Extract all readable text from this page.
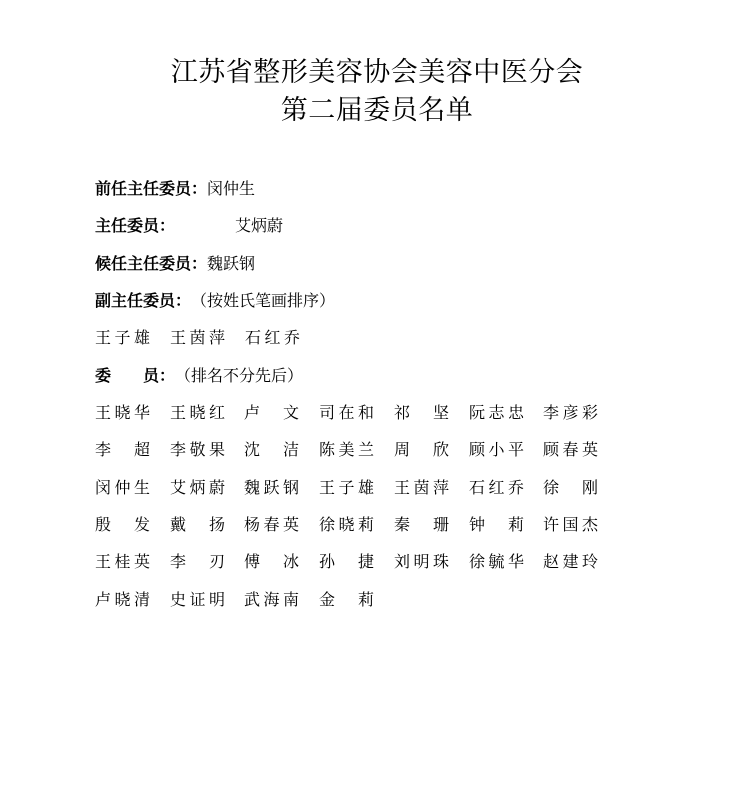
江苏省整形美容协会美容中医分会
第二届委员名单
前任主任委员：闵仲生
主任委员：	艾炳蔚
候任主任委员：魏跃钢
副主任委员：（按姓氏笔画排序）
王子雄 王茵萍 石红乔
委　　员：（排名不分先后）
王晓华 王晓红 卢　文 司在和 祁　坚 阮志忠 李彦彩
李　超 李敬果 沈　洁 陈美兰 周　欣 顾小平 顾春英
闵仲生 艾炳蔚 魏跃钢 王子雄 王茵萍 石红乔 徐　刚
殷　发 戴　扬 杨春英 徐晓莉 秦　珊 钟　莉 许国杰
王桂英 李　刃 傅　冰 孙　捷 刘明珠 徐毓华 赵建玲
卢晓清 史证明 武海南 金　莉
